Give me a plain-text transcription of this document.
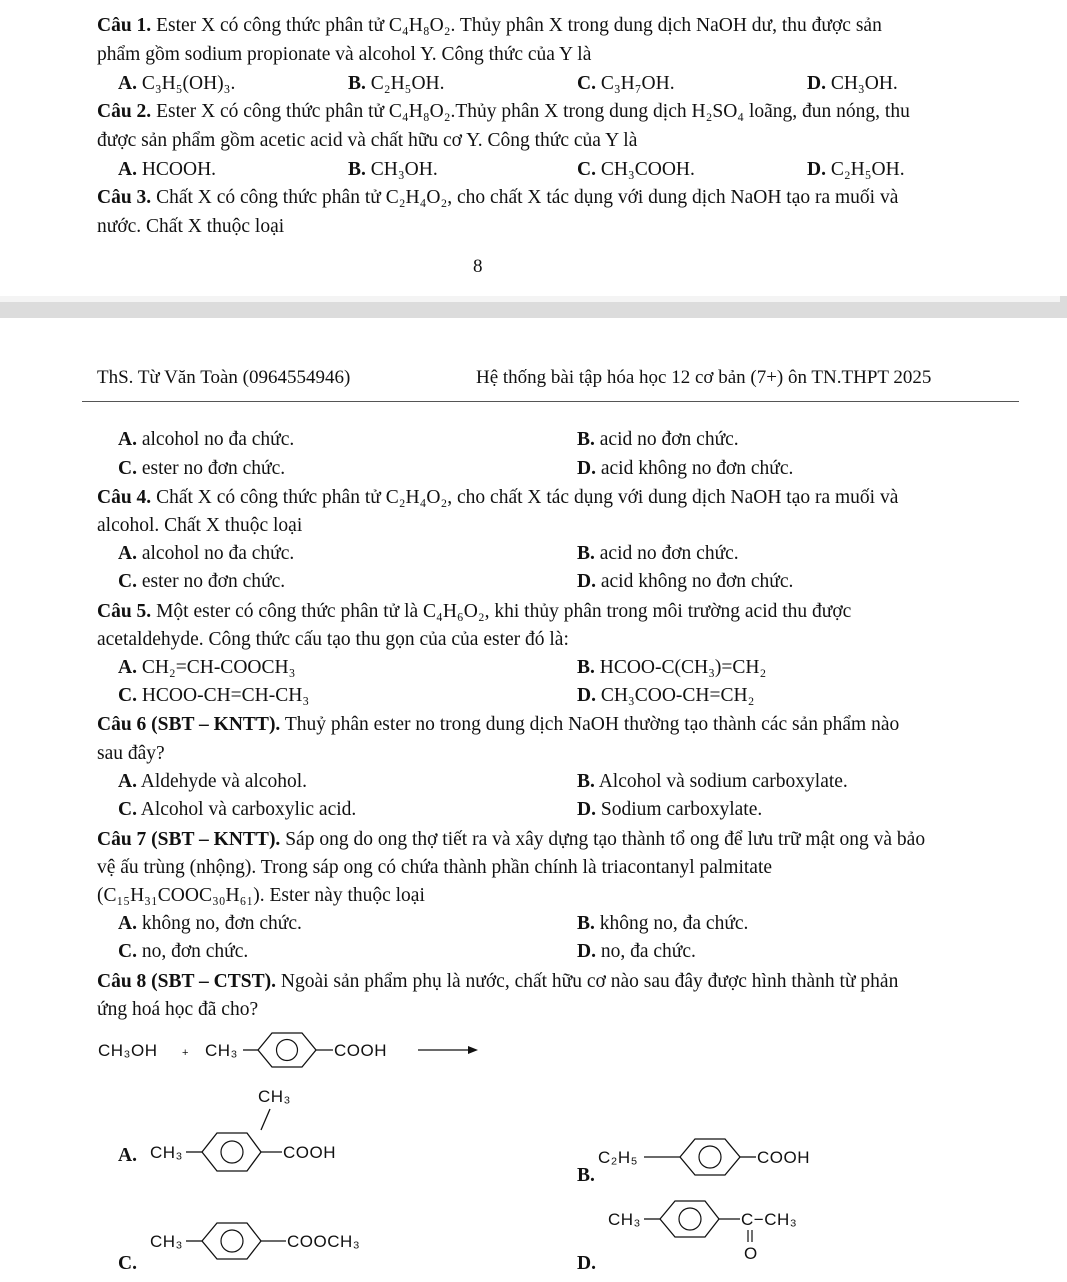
Câu 1. Ester X có công thức phân tử C₄H₈O₂. Thủy phân X trong dung dịch NaOH dư, thu được sản
phẩm gồm sodium propionate và alcohol Y. Công thức của Y là
A. C₃H₅(OH)₃.	B. C₂H₅OH.	C. C₃H₇OH.	D. CH₃OH.
Câu 2. Ester X có công thức phân tử C₄H₈O₂.Thủy phân X trong dung dịch H₂SO₄ loãng, đun nóng, thu
được sản phẩm gồm acetic acid và chất hữu cơ Y. Công thức của Y là
A. HCOOH.	B. CH₃OH.	C. CH₃COOH.	D. C₂H₅OH.
Câu 3. Chất X có công thức phân tử C₂H₄O₂, cho chất X tác dụng với dung dịch NaOH tạo ra muối và
nước. Chất X thuộc loại
8
ThS. Từ Văn Toàn (0964554946)	Hệ thống bài tập hóa học 12 cơ bản (7+) ôn TN.THPT 2025
A. alcohol no đa chức.	B. acid no đơn chức.
C. ester no đơn chức.	D. acid không no đơn chức.
Câu 4. Chất X có công thức phân tử C₂H₄O₂, cho chất X tác dụng với dung dịch NaOH tạo ra muối và
alcohol. Chất X thuộc loại
A. alcohol no đa chức.	B. acid no đơn chức.
C. ester no đơn chức.	D. acid không no đơn chức.
Câu 5. Một ester có công thức phân tử là C₄H₆O₂, khi thủy phân trong môi trường acid thu được
acetaldehyde. Công thức cấu tạo thu gọn của của ester đó là:
A. CH₂=CH-COOCH₃	B. HCOO-C(CH₃)=CH₂
C. HCOO-CH=CH-CH₃	D. CH₃COO-CH=CH₂
Câu 6 (SBT – KNTT). Thuỷ phân ester no trong dung dịch NaOH thường tạo thành các sản phẩm nào
sau đây?
A. Aldehyde và alcohol.	B. Alcohol và sodium carboxylate.
C. Alcohol và carboxylic acid.	D. Sodium carboxylate.
Câu 7 (SBT – KNTT). Sáp ong do ong thợ tiết ra và xây dựng tạo thành tổ ong để lưu trữ mật ong và bảo
vệ ấu trùng (nhộng). Trong sáp ong có chứa thành phần chính là triacontanyl palmitate
(C₁₅H₃₁COOC₃₀H₆₁). Ester này thuộc loại
A. không no, đơn chức.	B. không no, đa chức.
C. no, đơn chức.	D. no, đa chức.
Câu 8 (SBT – CTST). Ngoài sản phẩm phụ là nước, chất hữu cơ nào sau đây được hình thành từ phản
ứng hoá học đã cho?
CH₃OH + CH₃	COOH
A.
CH₃
CH₃	COOH
B.
C₂H₅	COOH
C.
CH₃	COOCH₃
D.
CH₃	C−CH₃
O
